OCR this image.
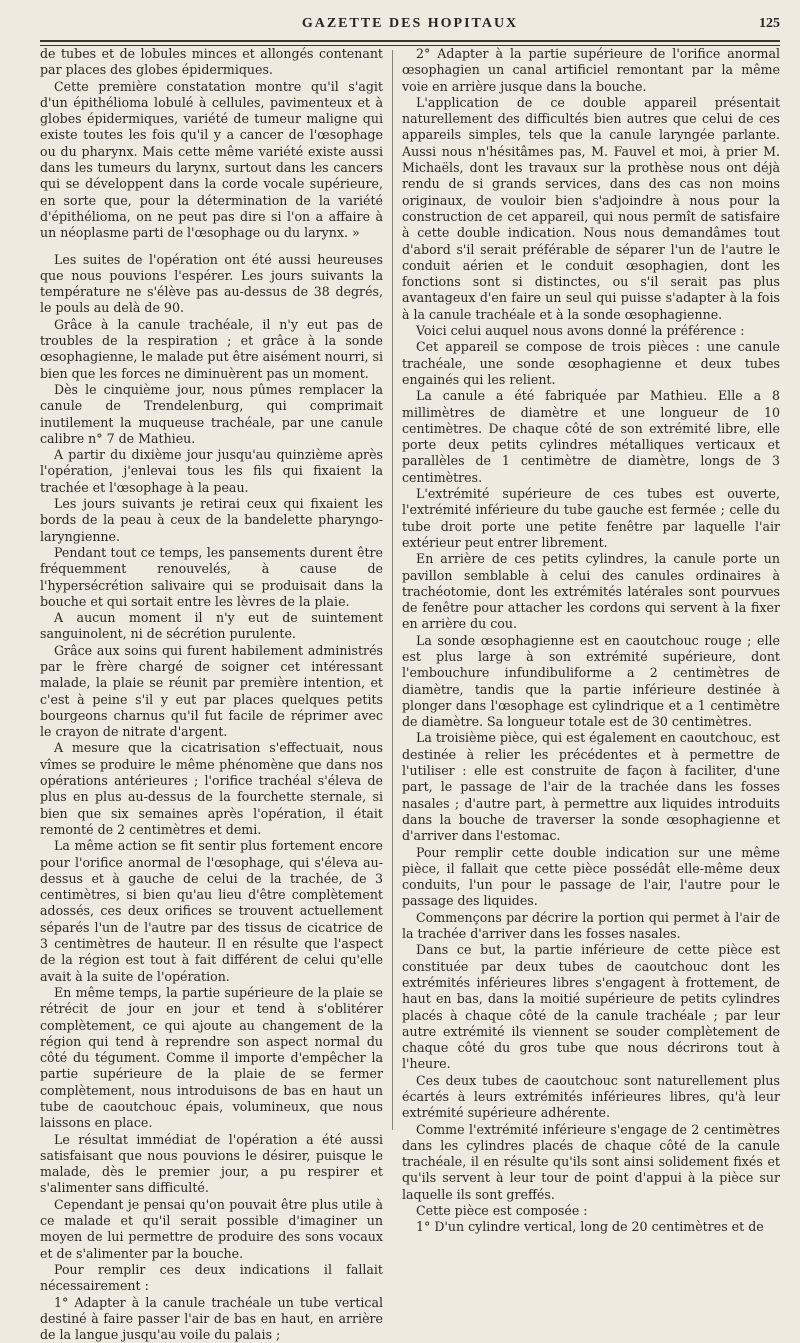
GAZETTE DES HOPITAUX	125

de tubes et de lobules minces et allongés contenant par places des globes épidermiques.

Cette première constatation montre qu'il s'agit d'un épithélioma lobulé à cellules, pavimenteux et à globes épidermiques, variété de tumeur maligne qui existe toutes les fois qu'il y a cancer de l'œsophage ou du pharynx. Mais cette même variété existe aussi dans les tumeurs du larynx, surtout dans les cancers qui se développent dans la corde vocale supérieure, en sorte que, pour la détermination de la variété d'épithélioma, on ne peut pas dire si l'on a affaire à un néoplasme parti de l'œsophage ou du larynx. »

Les suites de l'opération ont été aussi heureuses que nous pouvions l'espérer. Les jours suivants la température ne s'élève pas au-dessus de 38 degrés, le pouls au delà de 90.

Grâce à la canule trachéale, il n'y eut pas de troubles de la respiration ; et grâce à la sonde œsophagienne, le malade put être aisément nourri, si bien que les forces ne diminuèrent pas un moment.

Dès le cinquième jour, nous pûmes remplacer la canule de Trendelenburg, qui comprimait inutilement la muqueuse trachéale, par une canule calibre n° 7 de Mathieu.

A partir du dixième jour jusqu'au quinzième après l'opération, j'enlevai tous les fils qui fixaient la trachée et l'œsophage à la peau.

Les jours suivants je retirai ceux qui fixaient les bords de la peau à ceux de la bandelette pharyngo-laryngienne.

Pendant tout ce temps, les pansements durent être fréquemment renouvelés, à cause de l'hypersécrétion salivaire qui se produisait dans la bouche et qui sortait entre les lèvres de la plaie.

A aucun moment il n'y eut de suintement sanguinolent, ni de sécrétion purulente.

Grâce aux soins qui furent habilement administrés par le frère chargé de soigner cet intéressant malade, la plaie se réunit par première intention, et c'est à peine s'il y eut par places quelques petits bourgeons charnus qu'il fut facile de réprimer avec le crayon de nitrate d'argent.

A mesure que la cicatrisation s'effectuait, nous vîmes se produire le même phénomène que dans nos opérations antérieures ; l'orifice trachéal s'éleva de plus en plus au-dessus de la fourchette sternale, si bien que six semaines après l'opération, il était remonté de 2 centimètres et demi.

La même action se fit sentir plus fortement encore pour l'orifice anormal de l'œsophage, qui s'éleva au-dessus et à gauche de celui de la trachée, de 3 centimètres, si bien qu'au lieu d'être complètement adossés, ces deux orifices se trouvent actuellement séparés l'un de l'autre par des tissus de cicatrice de 3 centimètres de hauteur. Il en résulte que l'aspect de la région est tout à fait différent de celui qu'elle avait à la suite de l'opération.

En même temps, la partie supérieure de la plaie se rétrécit de jour en jour et tend à s'oblitérer complètement, ce qui ajoute au changement de la région qui tend à reprendre son aspect normal du côté du tégument. Comme il importe d'empêcher la partie supérieure de la plaie de se fermer complètement, nous introduisons de bas en haut un tube de caoutchouc épais, volumineux, que nous laissons en place.

Le résultat immédiat de l'opération a été aussi satisfaisant que nous pouvions le désirer, puisque le malade, dès le premier jour, a pu respirer et s'alimenter sans difficulté.

Cependant je pensai qu'on pouvait être plus utile à ce malade et qu'il serait possible d'imaginer un moyen de lui permettre de produire des sons vocaux et de s'alimenter par la bouche.

Pour remplir ces deux indications il fallait nécessairement :

1° Adapter à la canule trachéale un tube vertical destiné à faire passer l'air de bas en haut, en arrière de la langue jusqu'au voile du palais ;

2° Adapter à la partie supérieure de l'orifice anormal œsophagien un canal artificiel remontant par la même voie en arrière jusque dans la bouche.

L'application de ce double appareil présentait naturellement des difficultés bien autres que celui de ces appareils simples, tels que la canule laryngée parlante. Aussi nous n'hésitâmes pas, M. Fauvel et moi, à prier M. Michaëls, dont les travaux sur la prothèse nous ont déjà rendu de si grands services, dans des cas non moins originaux, de vouloir bien s'adjoindre à nous pour la construction de cet appareil, qui nous permît de satisfaire à cette double indication. Nous nous demandâmes tout d'abord s'il serait préférable de séparer l'un de l'autre le conduit aérien et le conduit œsophagien, dont les fonctions sont si distinctes, ou s'il serait pas plus avantageux d'en faire un seul qui puisse s'adapter à la fois à la canule trachéale et à la sonde œsophagienne.

Voici celui auquel nous avons donné la préférence :

Cet appareil se compose de trois pièces : une canule trachéale, une sonde œsophagienne et deux tubes engainés qui les relient.

La canule a été fabriquée par Mathieu. Elle a 8 millimètres de diamètre et une longueur de 10 centimètres. De chaque côté de son extrémité libre, elle porte deux petits cylindres métalliques verticaux et parallèles de 1 centimètre de diamètre, longs de 3 centimètres.

L'extrémité supérieure de ces tubes est ouverte, l'extrémité inférieure du tube gauche est fermée ; celle du tube droit porte une petite fenêtre par laquelle l'air extérieur peut entrer librement.

En arrière de ces petits cylindres, la canule porte un pavillon semblable à celui des canules ordinaires à trachéotomie, dont les extrémités latérales sont pourvues de fenêtre pour attacher les cordons qui servent à la fixer en arrière du cou.

La sonde œsophagienne est en caoutchouc rouge ; elle est plus large à son extrémité supérieure, dont l'embouchure infundibuliforme a 2 centimètres de diamètre, tandis que la partie inférieure destinée à plonger dans l'œsophage est cylindrique et a 1 centimètre de diamètre. Sa longueur totale est de 30 centimètres.

La troisième pièce, qui est également en caoutchouc, est destinée à relier les précédentes et à permettre de l'utiliser : elle est construite de façon à faciliter, d'une part, le passage de l'air de la trachée dans les fosses nasales ; d'autre part, à permettre aux liquides introduits dans la bouche de traverser la sonde œsophagienne et d'arriver dans l'estomac.

Pour remplir cette double indication sur une même pièce, il fallait que cette pièce possédât elle-même deux conduits, l'un pour le passage de l'air, l'autre pour le passage des liquides.

Commençons par décrire la portion qui permet à l'air de la trachée d'arriver dans les fosses nasales.

Dans ce but, la partie inférieure de cette pièce est constituée par deux tubes de caoutchouc dont les extrémités inférieures libres s'engagent à frottement, de haut en bas, dans la moitié supérieure de petits cylindres placés à chaque côté de la canule trachéale ; par leur autre extrémité ils viennent se souder complètement de chaque côté du gros tube que nous décrirons tout à l'heure.

Ces deux tubes de caoutchouc sont naturellement plus écartés à leurs extrémités inférieures libres, qu'à leur extrémité supérieure adhérente.

Comme l'extrémité inférieure s'engage de 2 centimètres dans les cylindres placés de chaque côté de la canule trachéale, il en résulte qu'ils sont ainsi solidement fixés et qu'ils servent à leur tour de point d'appui à la pièce sur laquelle ils sont greffés.

Cette pièce est composée :

1° D'un cylindre vertical, long de 20 centimètres et de
